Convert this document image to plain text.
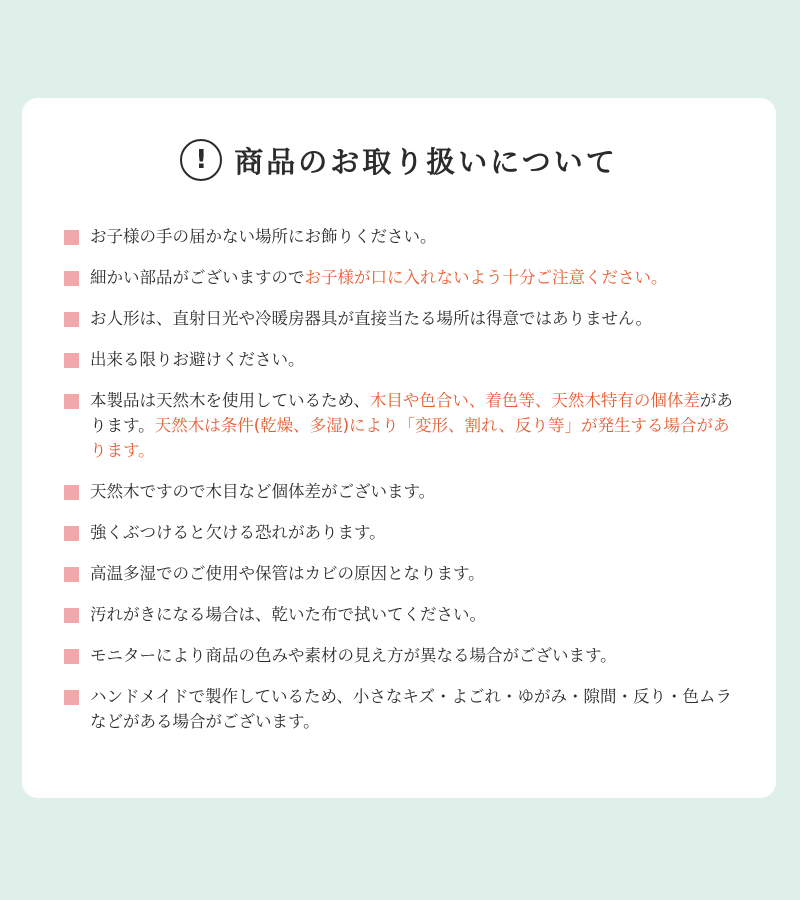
! 商品のお取り扱いについて
お子様の手の届かない場所にお飾りください。
細かい部品がございますのでお子様が口に入れないよう十分ご注意ください。
お人形は、直射日光や冷暖房器具が直接当たる場所は得意ではありません。
出来る限りお避けください。
本製品は天然木を使用しているため、木目や色合い、着色等、天然木特有の個体差があります。天然木は条件(乾燥、多湿)により「変形、割れ、反り等」が発生する場合があります。
天然木ですので木目など個体差がございます。
強くぶつけると欠ける恐れがあります。
高温多湿でのご使用や保管はカビの原因となります。
汚れがきになる場合は、乾いた布で拭いてください。
モニターにより商品の色みや素材の見え方が異なる場合がございます。
ハンドメイドで製作しているため、小さなキズ・よごれ・ゆがみ・隙間・反り・色ムラなどがある場合がございます。
